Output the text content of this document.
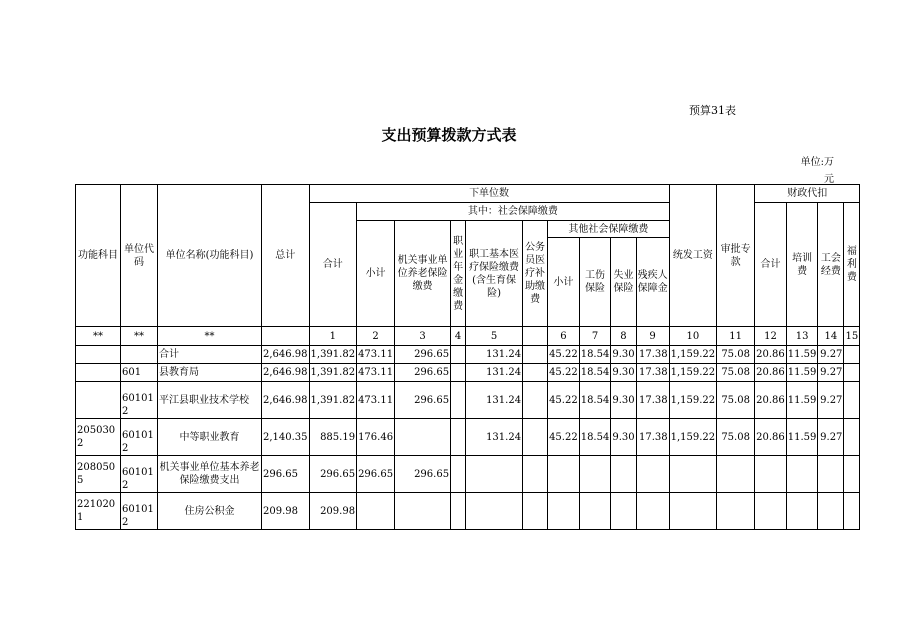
预算31表
支出预算拨款方式表
单位:万
元
功能科目	单位代码	单位名称(功能科目)	总计	下单位数										统发工资	审批专款	财政代扣			
				合计	其中：社会保障缴费											合计	培训费	工会经费	福利费
					小计	机关事业单位养老保险缴费	职业年金缴费	职工基本医疗保险缴费(含生育保险)	公务员医疗补助缴费	其他社会保障缴费									
										小计	工伤保险	失业保险	残疾人保障金						
**	**	**		1	2	3	4	5		6	7	8	9	10	11	12	13	14	15
		合计	2,646.98	1,391.82	473.11	296.65		131.24		45.22	18.54	9.30	17.38	1,159.22	75.08	20.86	11.59	9.27	
	601	县教育局	2,646.98	1,391.82	473.11	296.65		131.24		45.22	18.54	9.30	17.38	1,159.22	75.08	20.86	11.59	9.27	
	601012	平江县职业技术学校	2,646.98	1,391.82	473.11	296.65		131.24		45.22	18.54	9.30	17.38	1,159.22	75.08	20.86	11.59	9.27	
2050302	601012	中等职业教育	2,140.35	885.19	176.46			131.24		45.22	18.54	9.30	17.38	1,159.22	75.08	20.86	11.59	9.27	
2080505	601012	机关事业单位基本养老保险缴费支出	296.65	296.65	296.65	296.65													
2210201	601012	住房公积金	209.98	209.98															
